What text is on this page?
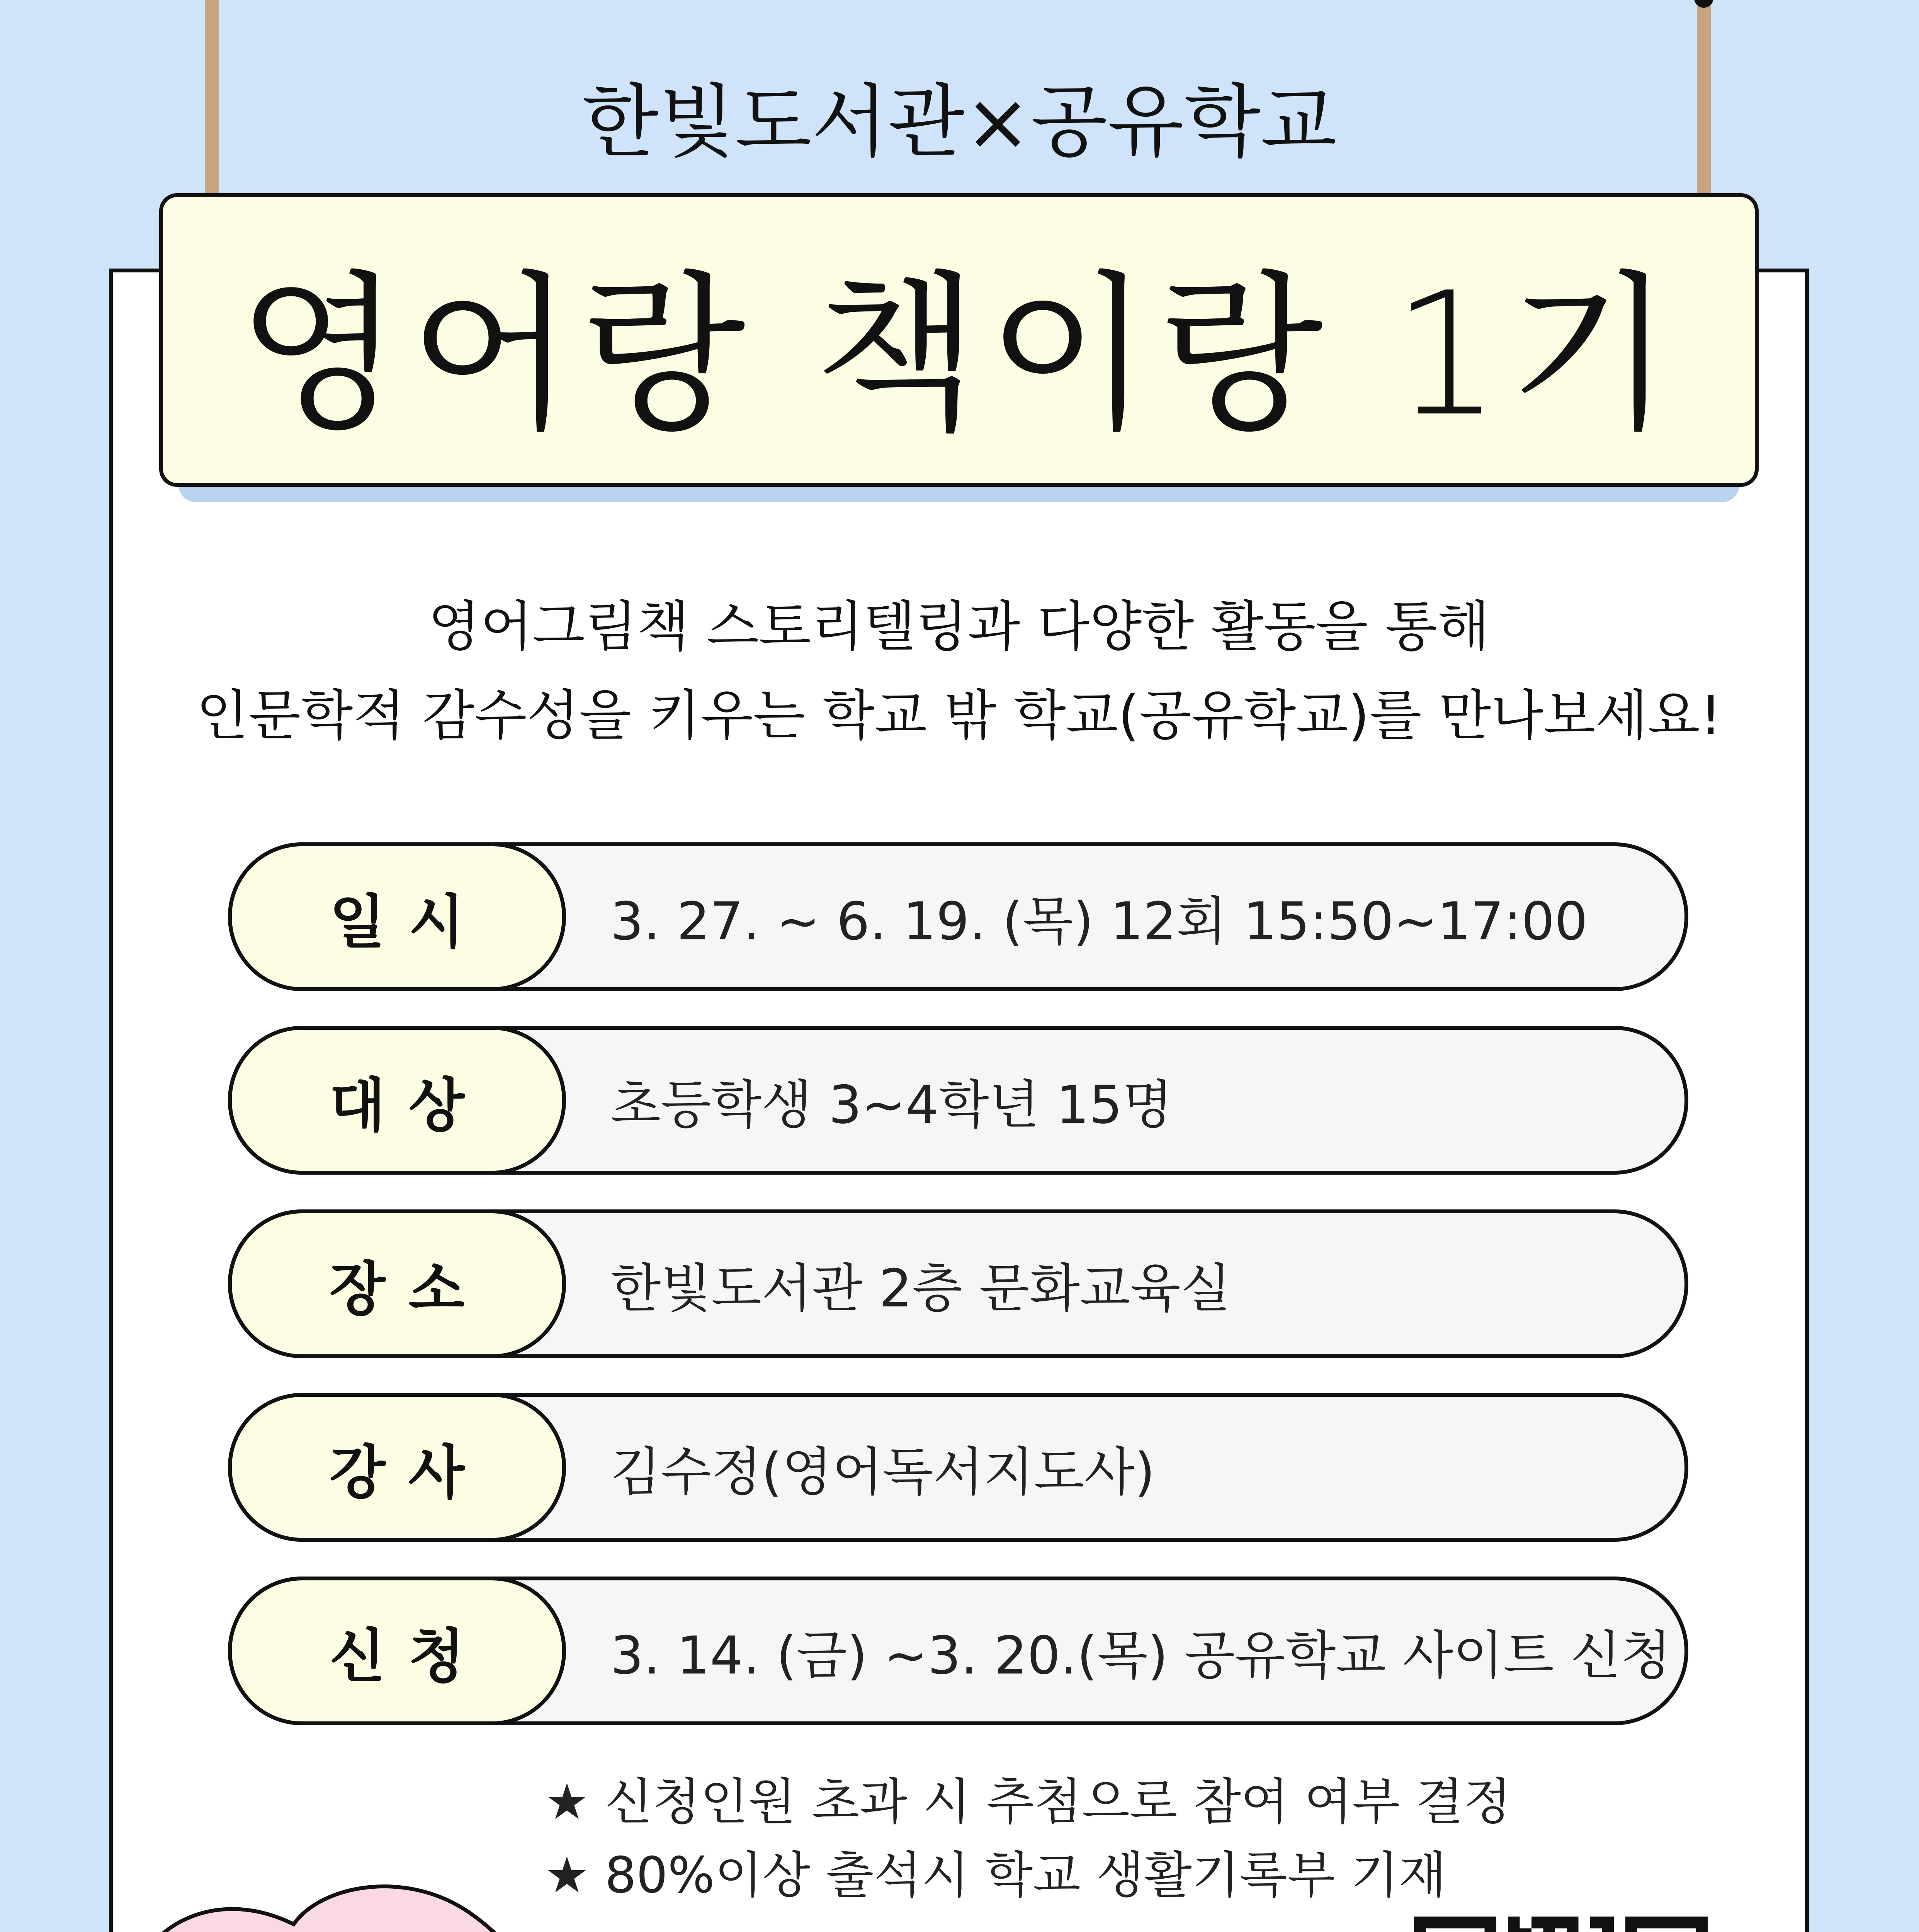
한빛도서관×공유학교
영어랑 책이랑 1기
영어그림책 스토리텔링과 다양한 활동을 통해
인문학적 감수성을 키우는 학교 밖 학교(공유학교)를 만나보세요!
일시	3. 27. ~ 6. 19. (목) 12회 15:50~17:00
대상	초등학생 3~4학년 15명
장소	한빛도서관 2층 문화교육실
강사	김수정(영어독서지도사)
신청	3. 14. (금) ~3. 20.(목) 공유학교 사이트 신청
★ 신청인원 초과 시 추첨으로 참여 여부 결정
★ 80%이상 출석시 학교 생활기록부 기재
